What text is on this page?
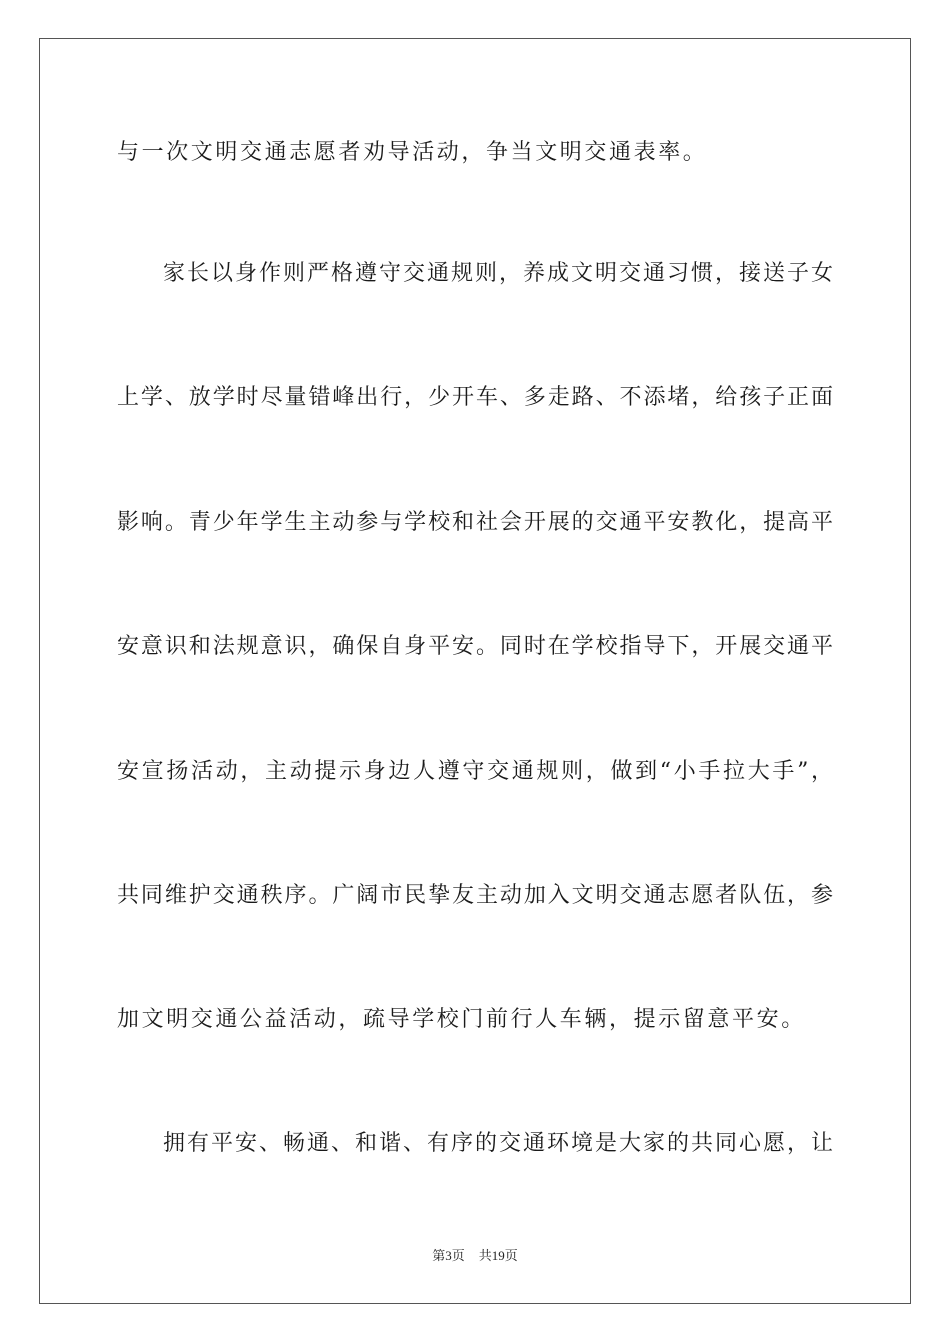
与一次文明交通志愿者劝导活动，争当文明交通表率。
家长以身作则严格遵守交通规则，养成文明交通习惯，接送子女
上学、放学时尽量错峰出行，少开车、多走路、不添堵，给孩子正面
影响。青少年学生主动参与学校和社会开展的交通平安教化，提高平
安意识和法规意识，确保自身平安。同时在学校指导下，开展交通平
安宣扬活动，主动提示身边人遵守交通规则，做到“小手拉大手”，
共同维护交通秩序。广阔市民挚友主动加入文明交通志愿者队伍，参
加文明交通公益活动，疏导学校门前行人车辆，提示留意平安。
拥有平安、畅通、和谐、有序的交通环境是大家的共同心愿，让
第3页 共19页
